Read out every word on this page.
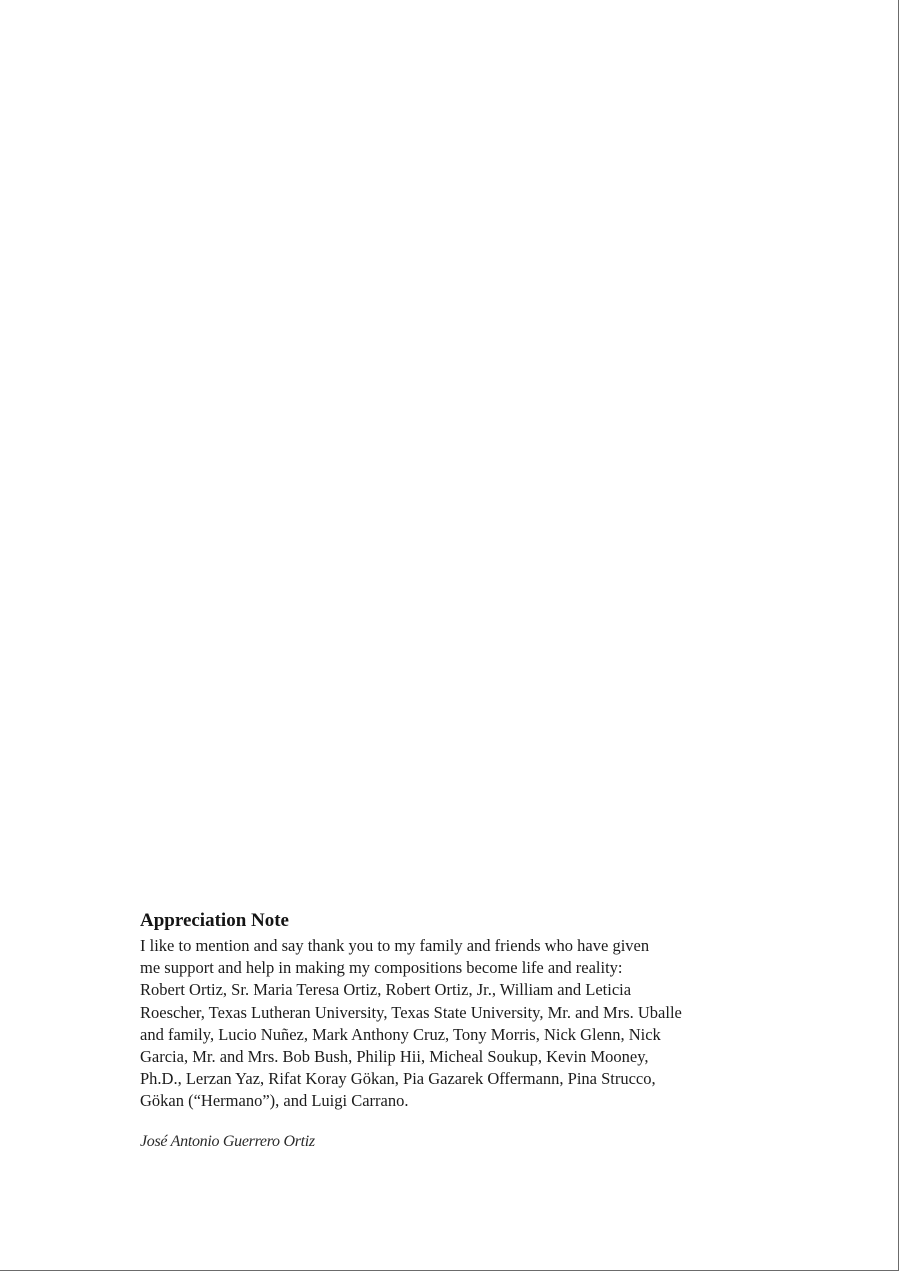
Appreciation Note

I like to mention and say thank you to my family and friends who have given
me support and help in making my compositions become life and reality:
Robert Ortiz, Sr. Maria Teresa Ortiz, Robert Ortiz, Jr., William and Leticia
Roescher, Texas Lutheran University, Texas State University, Mr. and Mrs. Uballe
and family, Lucio Nuñez, Mark Anthony Cruz, Tony Morris, Nick Glenn, Nick
Garcia, Mr. and Mrs. Bob Bush, Philip Hii, Micheal Soukup, Kevin Mooney,
Ph.D., Lerzan Yaz, Rifat Koray Gökan, Pia Gazarek Offermann, Pina Strucco,
Gökan (“Hermano”), and Luigi Carrano.

José Antonio Guerrero Ortiz
